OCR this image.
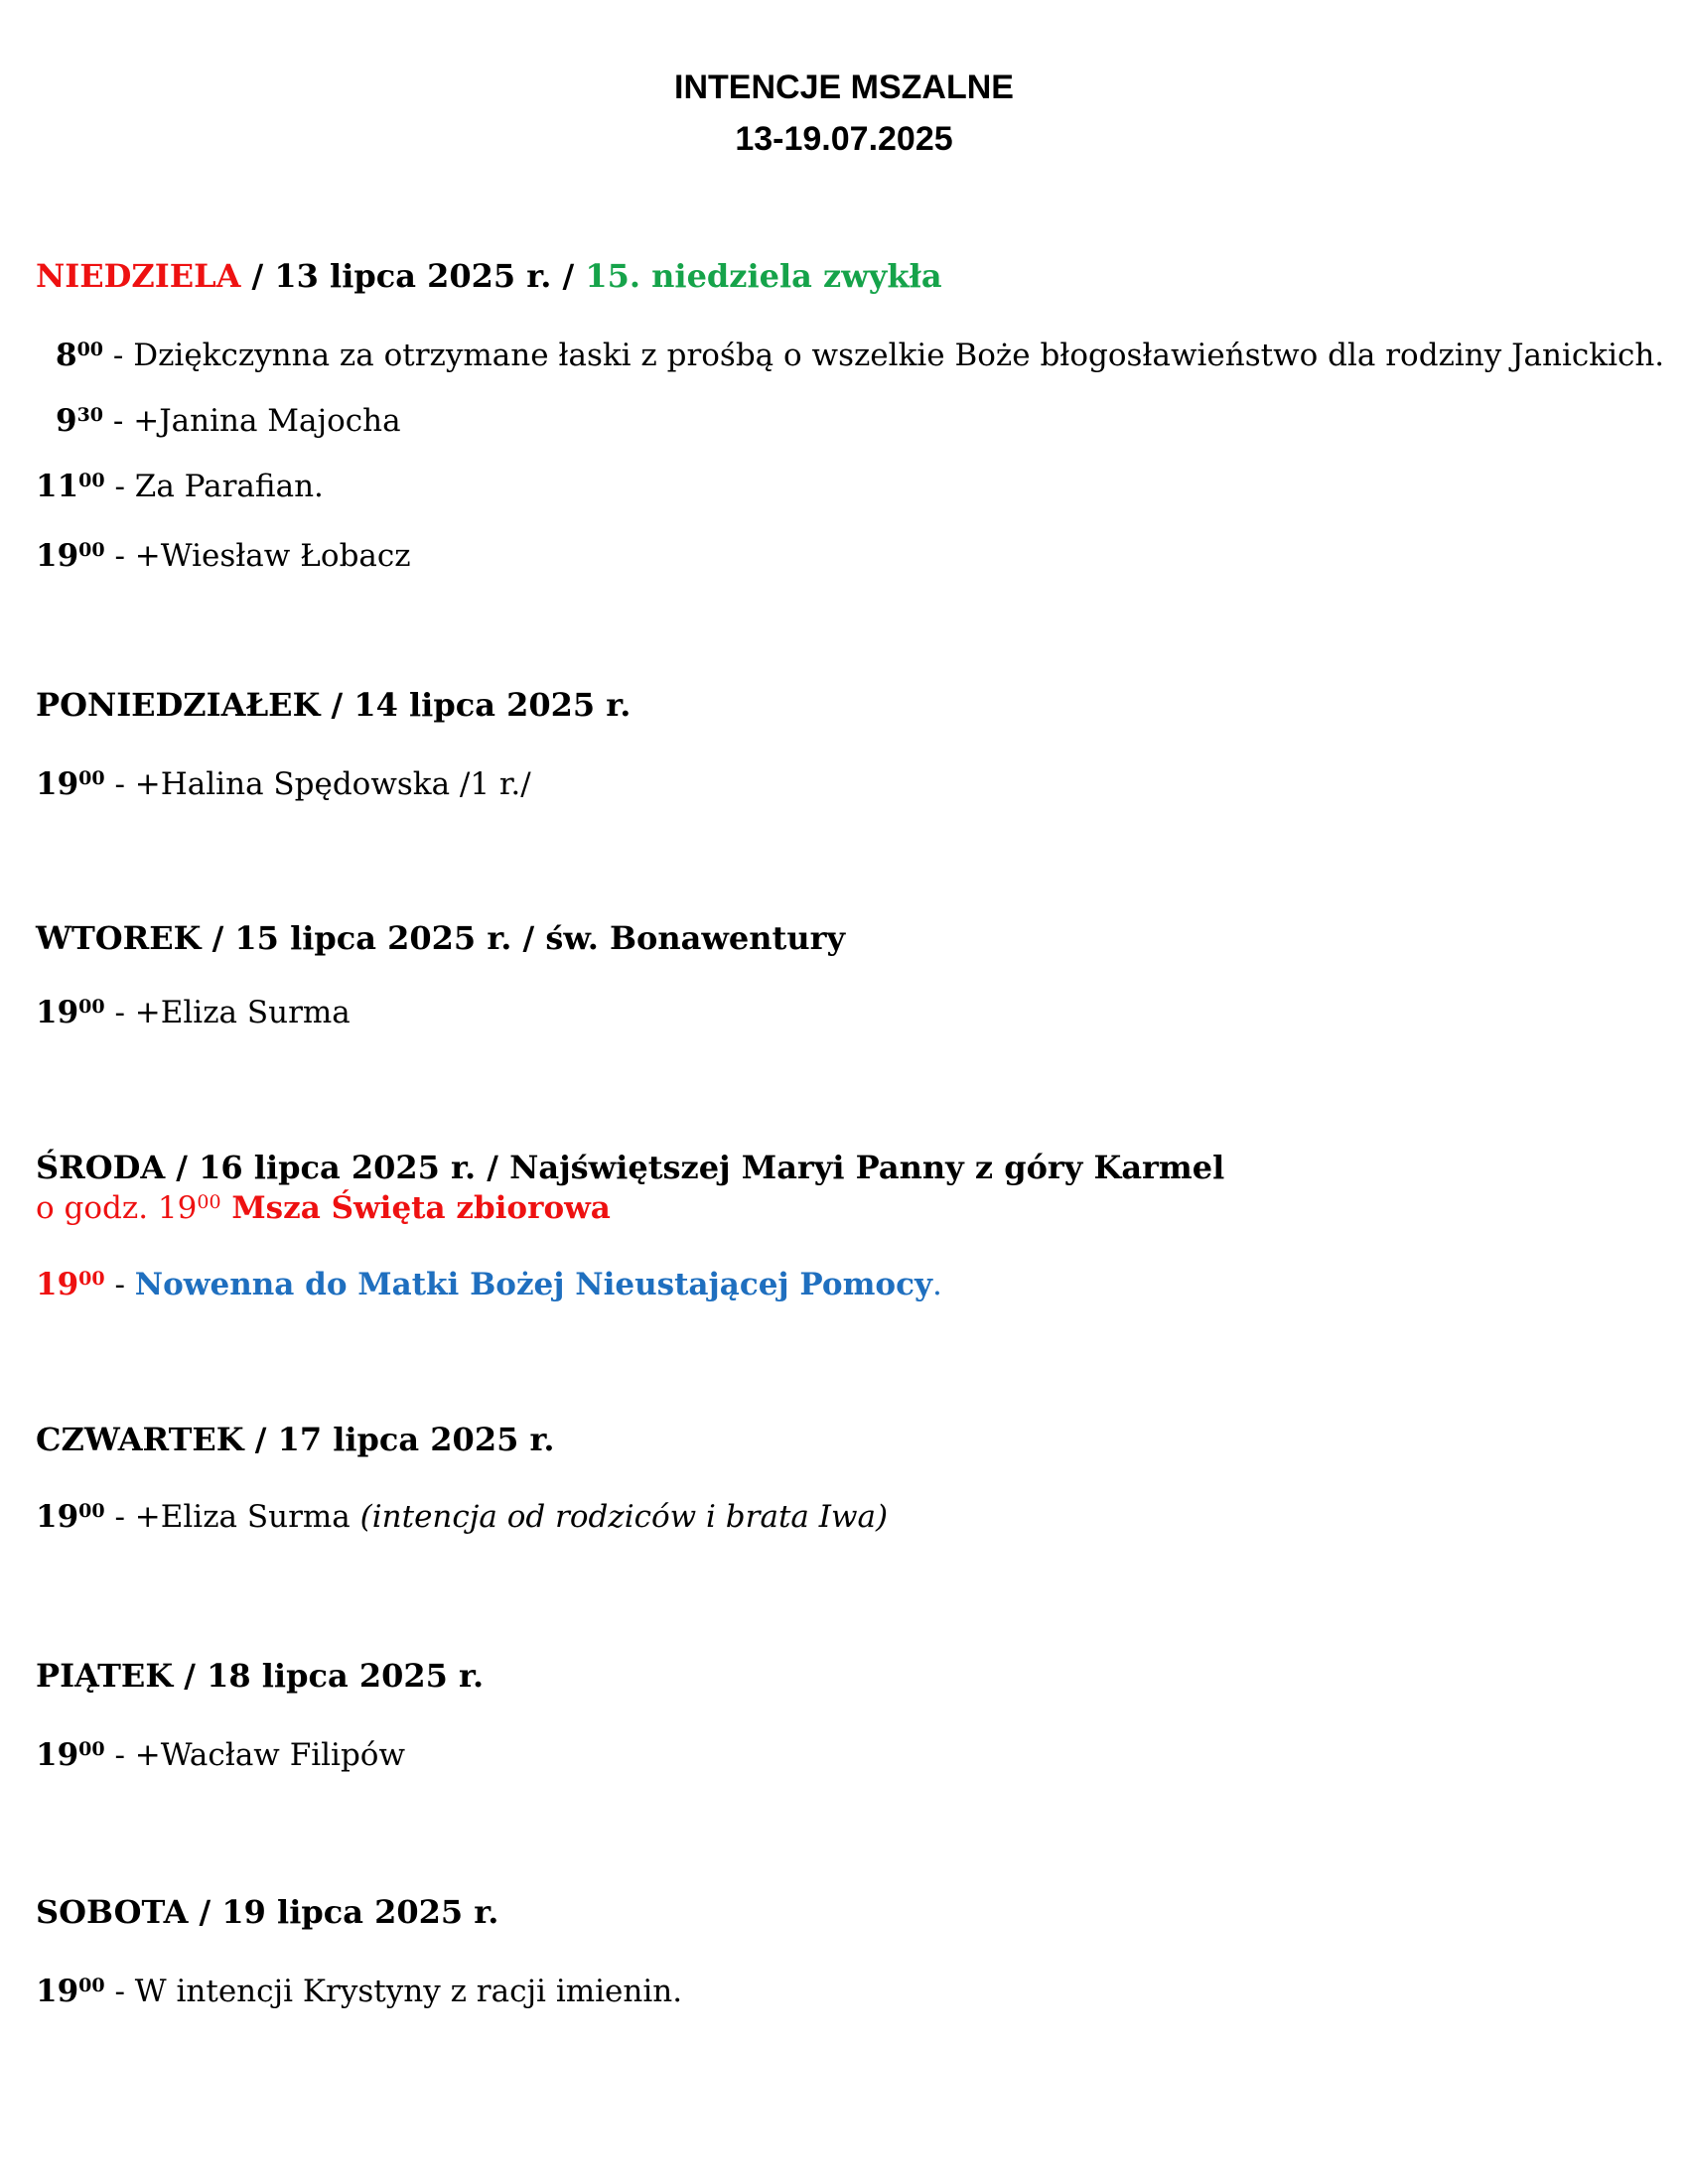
INTENCJE MSZALNE
13-19.07.2025
NIEDZIELA / 13 lipca 2025 r. / 15. niedziela zwykła
$8^{00}$ - Dziękczynna za otrzymane łaski z prośbą o wszelkie Boże błogosławieństwo dla rodziny Janickich.
$9^{30}$ - +Janina Majocha
$11^{00}$ - Za Parafian.
$19^{00}$ - +Wiesław Łobacz
PONIEDZIAŁEK / 14 lipca 2025 r.
$19^{00}$ - +Halina Spędowska /1 r./
WTOREK / 15 lipca 2025 r. / św. Bonawentury
$19^{00}$ - +Eliza Surma
ŚRODA / 16 lipca 2025 r. / Najświętszej Maryi Panny z góry Karmel
o godz. $19^{00}$ Msza Święta zbiorowa
$19^{00}$ - Nowenna do Matki Bożej Nieustającej Pomocy.
CZWARTEK / 17 lipca 2025 r.
$19^{00}$ - +Eliza Surma (intencja od rodziców i brata Iwa)
PIĄTEK / 18 lipca 2025 r.
$19^{00}$ - +Wacław Filipów
SOBOTA / 19 lipca 2025 r.
$19^{00}$ - W intencji Krystyny z racji imienin.
